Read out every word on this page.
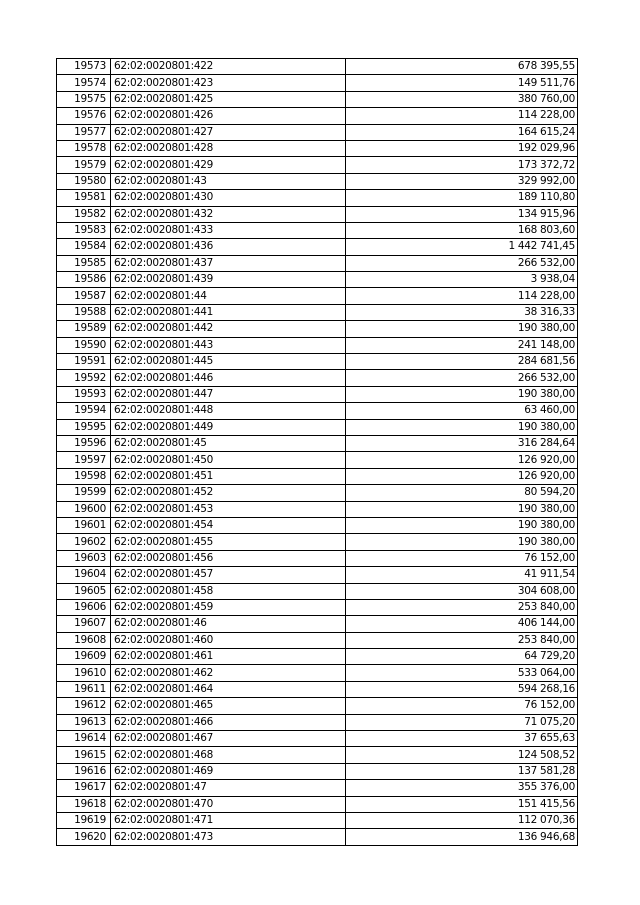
19573	62:02:0020801:422	678 395,55
19574	62:02:0020801:423	149 511,76
19575	62:02:0020801:425	380 760,00
19576	62:02:0020801:426	114 228,00
19577	62:02:0020801:427	164 615,24
19578	62:02:0020801:428	192 029,96
19579	62:02:0020801:429	173 372,72
19580	62:02:0020801:43	329 992,00
19581	62:02:0020801:430	189 110,80
19582	62:02:0020801:432	134 915,96
19583	62:02:0020801:433	168 803,60
19584	62:02:0020801:436	1 442 741,45
19585	62:02:0020801:437	266 532,00
19586	62:02:0020801:439	3 938,04
19587	62:02:0020801:44	114 228,00
19588	62:02:0020801:441	38 316,33
19589	62:02:0020801:442	190 380,00
19590	62:02:0020801:443	241 148,00
19591	62:02:0020801:445	284 681,56
19592	62:02:0020801:446	266 532,00
19593	62:02:0020801:447	190 380,00
19594	62:02:0020801:448	63 460,00
19595	62:02:0020801:449	190 380,00
19596	62:02:0020801:45	316 284,64
19597	62:02:0020801:450	126 920,00
19598	62:02:0020801:451	126 920,00
19599	62:02:0020801:452	80 594,20
19600	62:02:0020801:453	190 380,00
19601	62:02:0020801:454	190 380,00
19602	62:02:0020801:455	190 380,00
19603	62:02:0020801:456	76 152,00
19604	62:02:0020801:457	41 911,54
19605	62:02:0020801:458	304 608,00
19606	62:02:0020801:459	253 840,00
19607	62:02:0020801:46	406 144,00
19608	62:02:0020801:460	253 840,00
19609	62:02:0020801:461	64 729,20
19610	62:02:0020801:462	533 064,00
19611	62:02:0020801:464	594 268,16
19612	62:02:0020801:465	76 152,00
19613	62:02:0020801:466	71 075,20
19614	62:02:0020801:467	37 655,63
19615	62:02:0020801:468	124 508,52
19616	62:02:0020801:469	137 581,28
19617	62:02:0020801:47	355 376,00
19618	62:02:0020801:470	151 415,56
19619	62:02:0020801:471	112 070,36
19620	62:02:0020801:473	136 946,68
